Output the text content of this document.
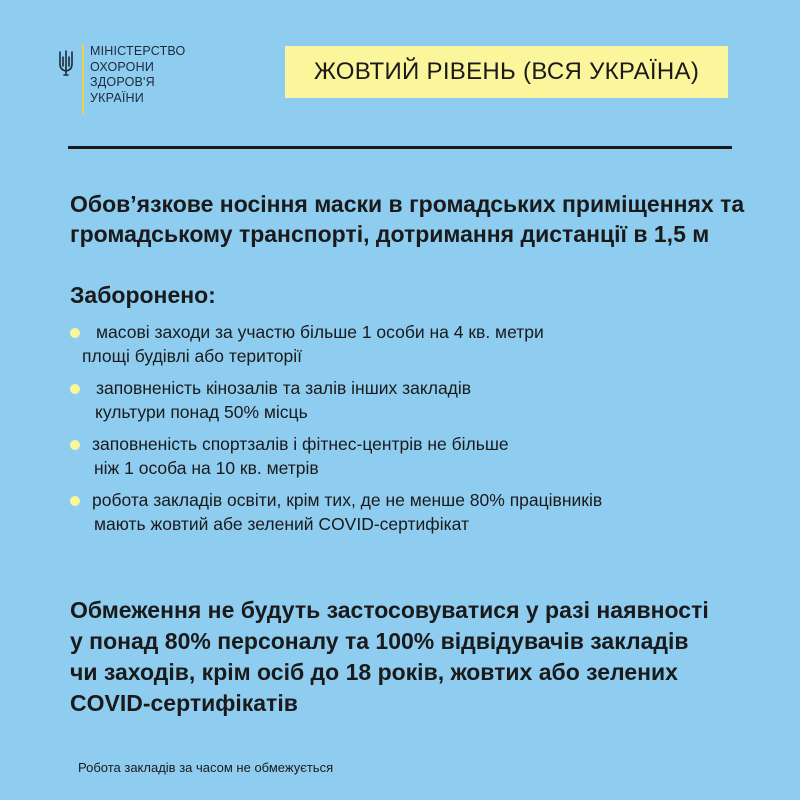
МІНІСТЕРСТВО
ОХОРОНИ
ЗДОРОВ'Я
УКРАЇНИ
ЖОВТИЙ РІВЕНЬ (ВСЯ УКРАЇНА)
Обов’язкове носіння маски в громадських приміщеннях та
громадському транспорті, дотримання дистанції в 1,5 м
Заборонено:
масові заходи за участю більше 1 особи на 4 кв. метри
площі будівлі або території
заповненість кінозалів та залів інших закладів
культури понад 50% місць
заповненість спортзалів і фітнес-центрів не більше
ніж 1 особа на 10 кв. метрів
робота закладів освіти, крім тих, де не менше 80% працівників
мають жовтий абе зелений COVID-сертифікат
Обмеження не будуть застосовуватися у разі наявності
у понад 80% персоналу та 100% відвідувачів закладів
чи заходів, крім осіб до 18 років, жовтих або зелених
COVID-сертифікатів
Робота закладів за часом не обмежується
